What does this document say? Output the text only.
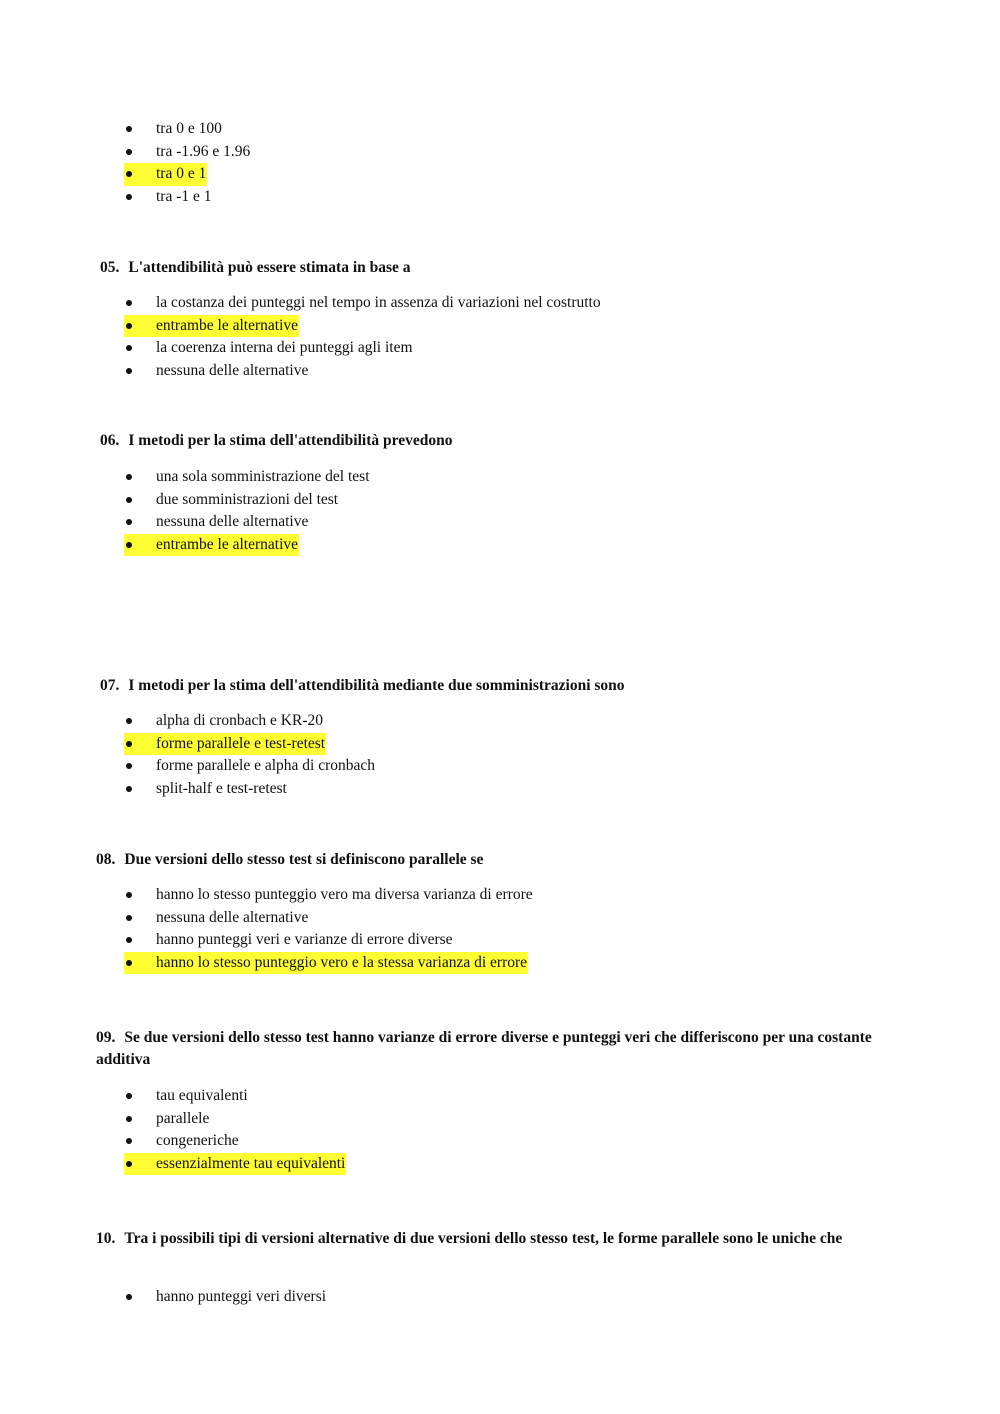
tra 0 e 100
tra -1.96 e 1.96
tra 0 e 1
tra -1 e 1
05. L'attendibilità può essere stimata in base a
la costanza dei punteggi nel tempo in assenza di variazioni nel costrutto
entrambe le alternative
la coerenza interna dei punteggi agli item
nessuna delle alternative
06. I metodi per la stima dell'attendibilità prevedono
una sola somministrazione del test
due somministrazioni del test
nessuna delle alternative
entrambe le alternative
07. I metodi per la stima dell'attendibilità mediante due somministrazioni sono
alpha di cronbach e KR-20
forme parallele e test-retest
forme parallele e alpha di cronbach
split-half e test-retest
08. Due versioni dello stesso test si definiscono parallele se
hanno lo stesso punteggio vero ma diversa varianza di errore
nessuna delle alternative
hanno punteggi veri e varianze di errore diverse
hanno lo stesso punteggio vero e la stessa varianza di errore
09. Se due versioni dello stesso test hanno varianze di errore diverse e punteggi veri che differiscono per una costante additiva
tau equivalenti
parallele
congeneriche
essenzialmente tau equivalenti
10. Tra i possibili tipi di versioni alternative di due versioni dello stesso test, le forme parallele sono le uniche che
hanno punteggi veri diversi
